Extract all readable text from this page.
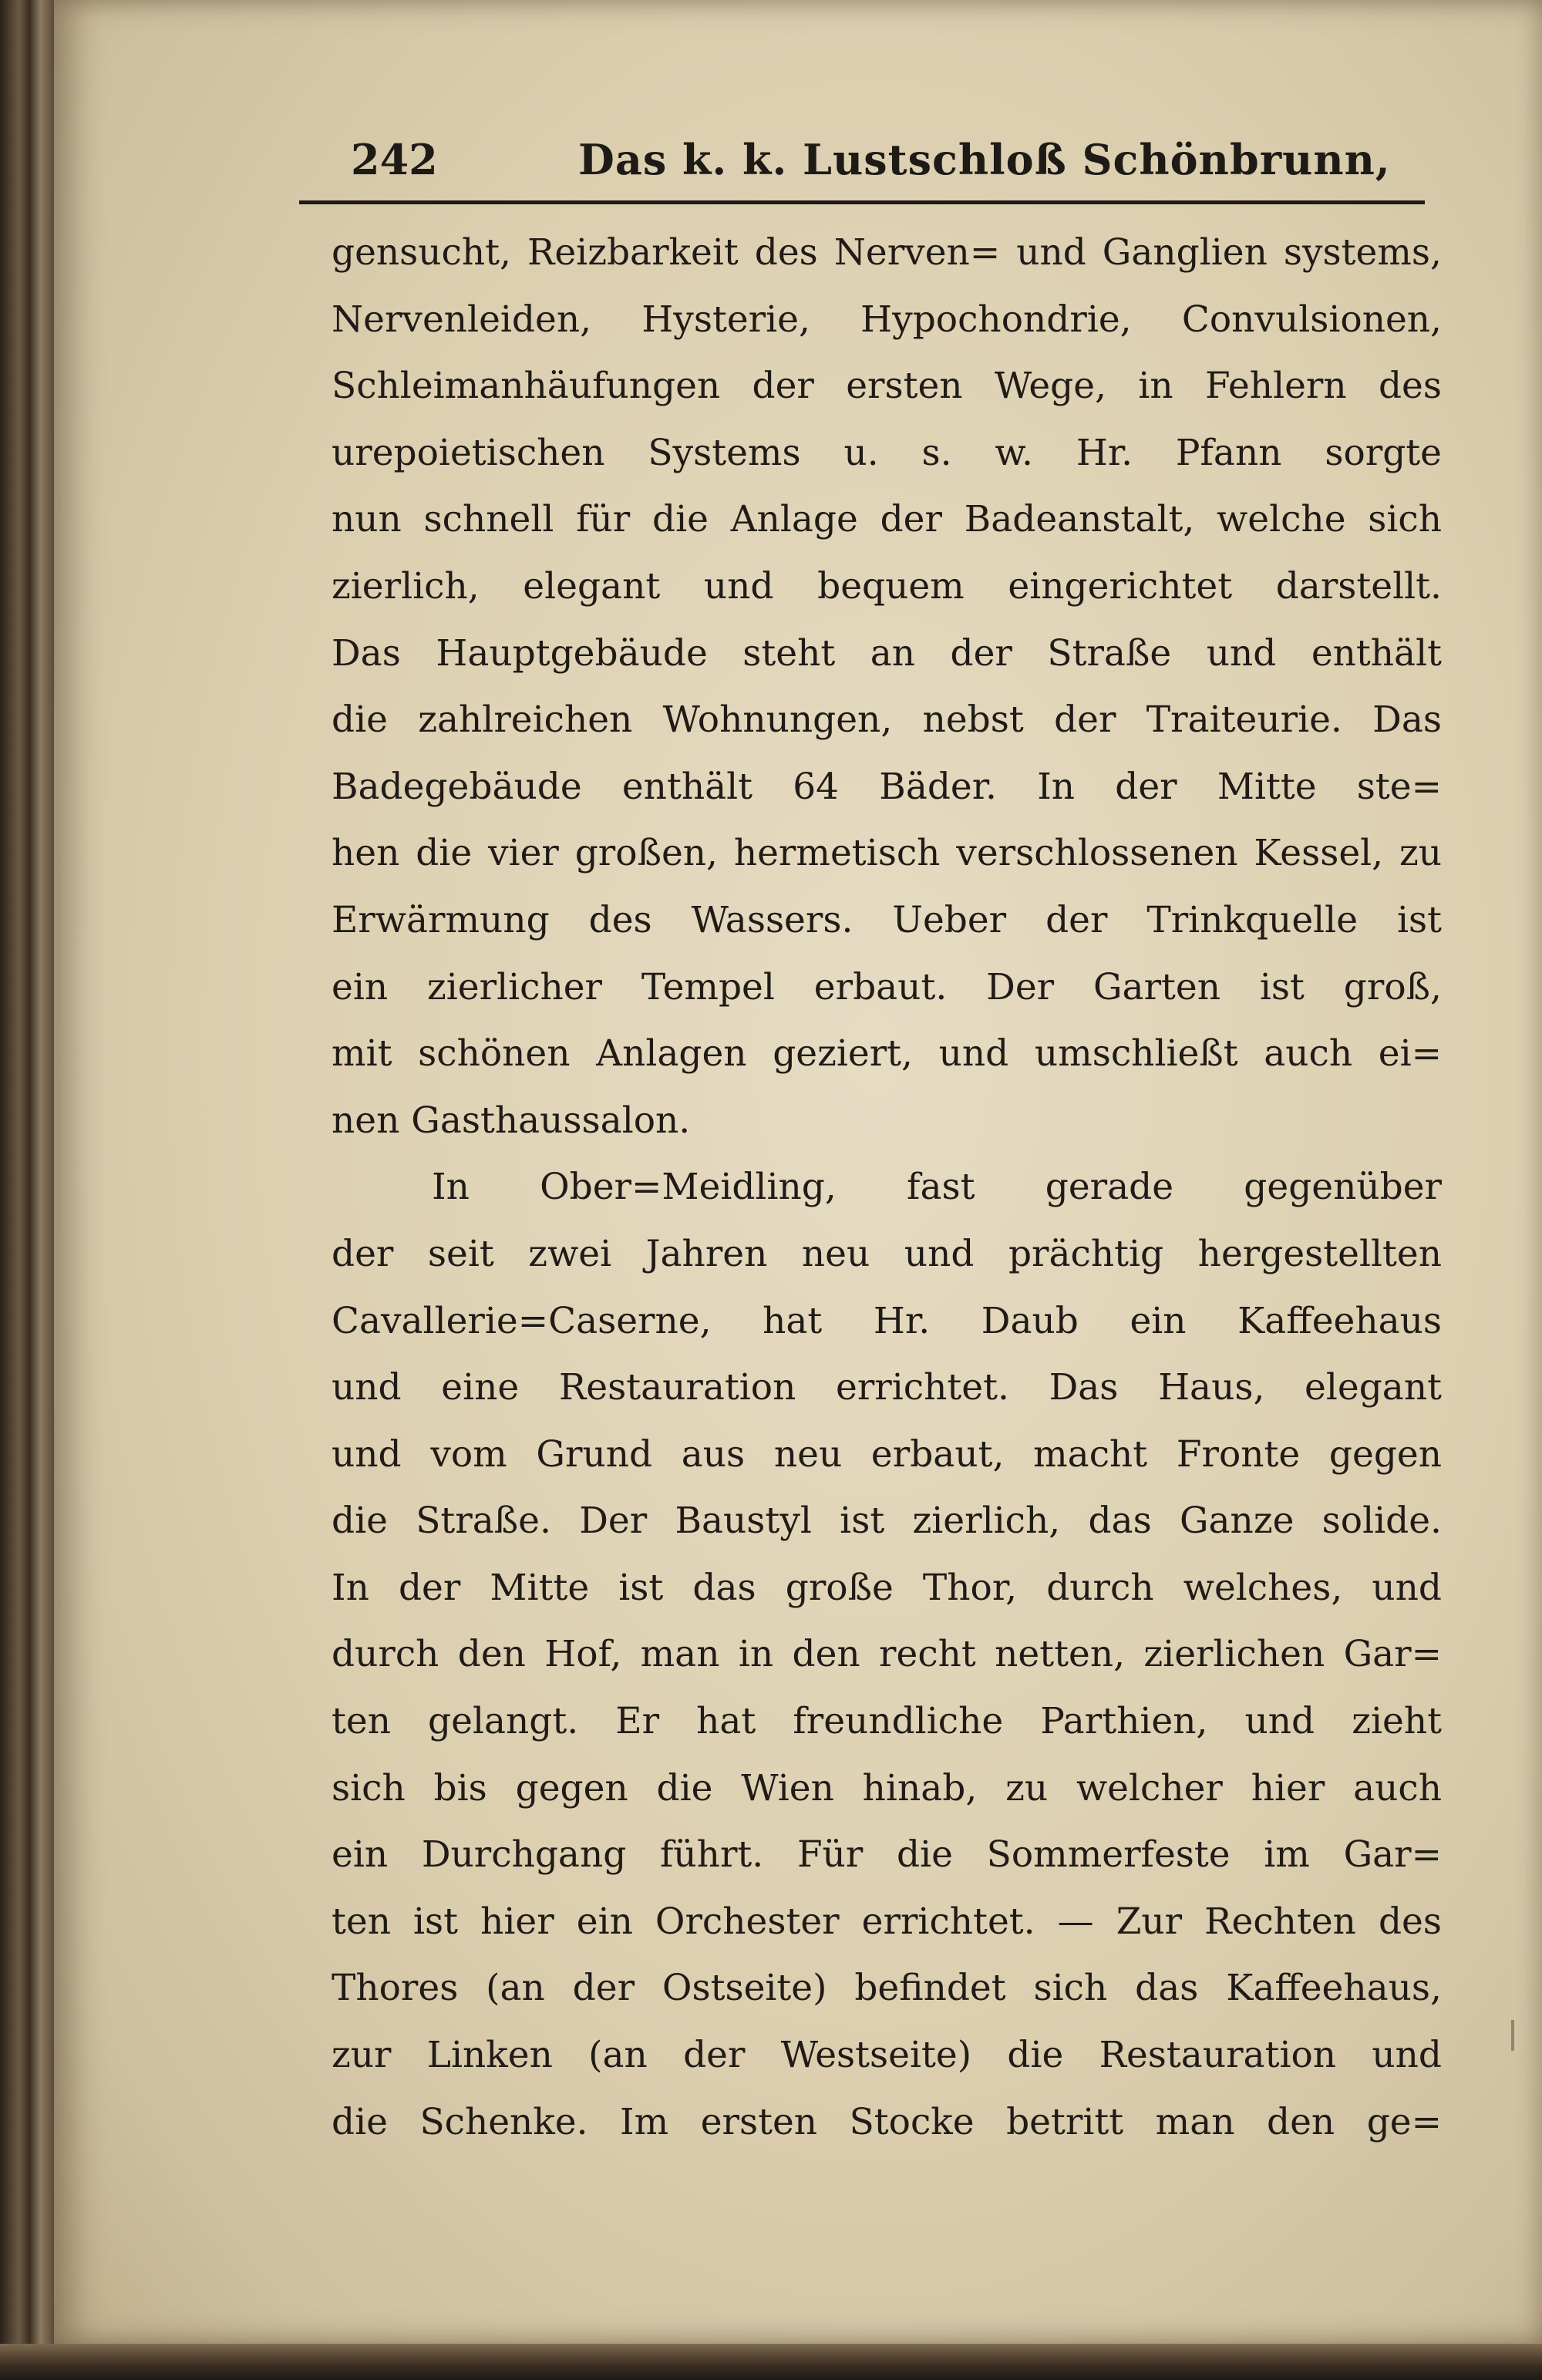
242	Das k. k. Lustschloß Schönbrunn,
gensucht, Reizbarkeit des Nerven= und Ganglien systems,
Nervenleiden, Hysterie, Hypochondrie, Convulsionen,
Schleimanhäufungen der ersten Wege, in Fehlern des
urepoietischen Systems u. s. w. Hr. Pfann sorgte
nun schnell für die Anlage der Badeanstalt, welche sich
zierlich, elegant und bequem eingerichtet darstellt.
Das Hauptgebäude steht an der Straße und enthält
die zahlreichen Wohnungen, nebst der Traiteurie. Das
Badegebäude enthält 64 Bäder. In der Mitte ste=
hen die vier großen, hermetisch verschlossenen Kessel, zu
Erwärmung des Wassers. Ueber der Trinkquelle ist
ein zierlicher Tempel erbaut. Der Garten ist groß,
mit schönen Anlagen geziert, und umschließt auch ei=
nen Gasthaussalon.
In Ober=Meidling, fast gerade gegenüber
der seit zwei Jahren neu und prächtig hergestellten
Cavallerie=Caserne, hat Hr. Daub ein Kaffeehaus
und eine Restauration errichtet. Das Haus, elegant
und vom Grund aus neu erbaut, macht Fronte gegen
die Straße. Der Baustyl ist zierlich, das Ganze solide.
In der Mitte ist das große Thor, durch welches, und
durch den Hof, man in den recht netten, zierlichen Gar=
ten gelangt. Er hat freundliche Parthien, und zieht
sich bis gegen die Wien hinab, zu welcher hier auch
ein Durchgang führt. Für die Sommerfeste im Gar=
ten ist hier ein Orchester errichtet. — Zur Rechten des
Thores (an der Ostseite) befindet sich das Kaffeehaus,
zur Linken (an der Westseite) die Restauration und
die Schenke. Im ersten Stocke betritt man den ge=
